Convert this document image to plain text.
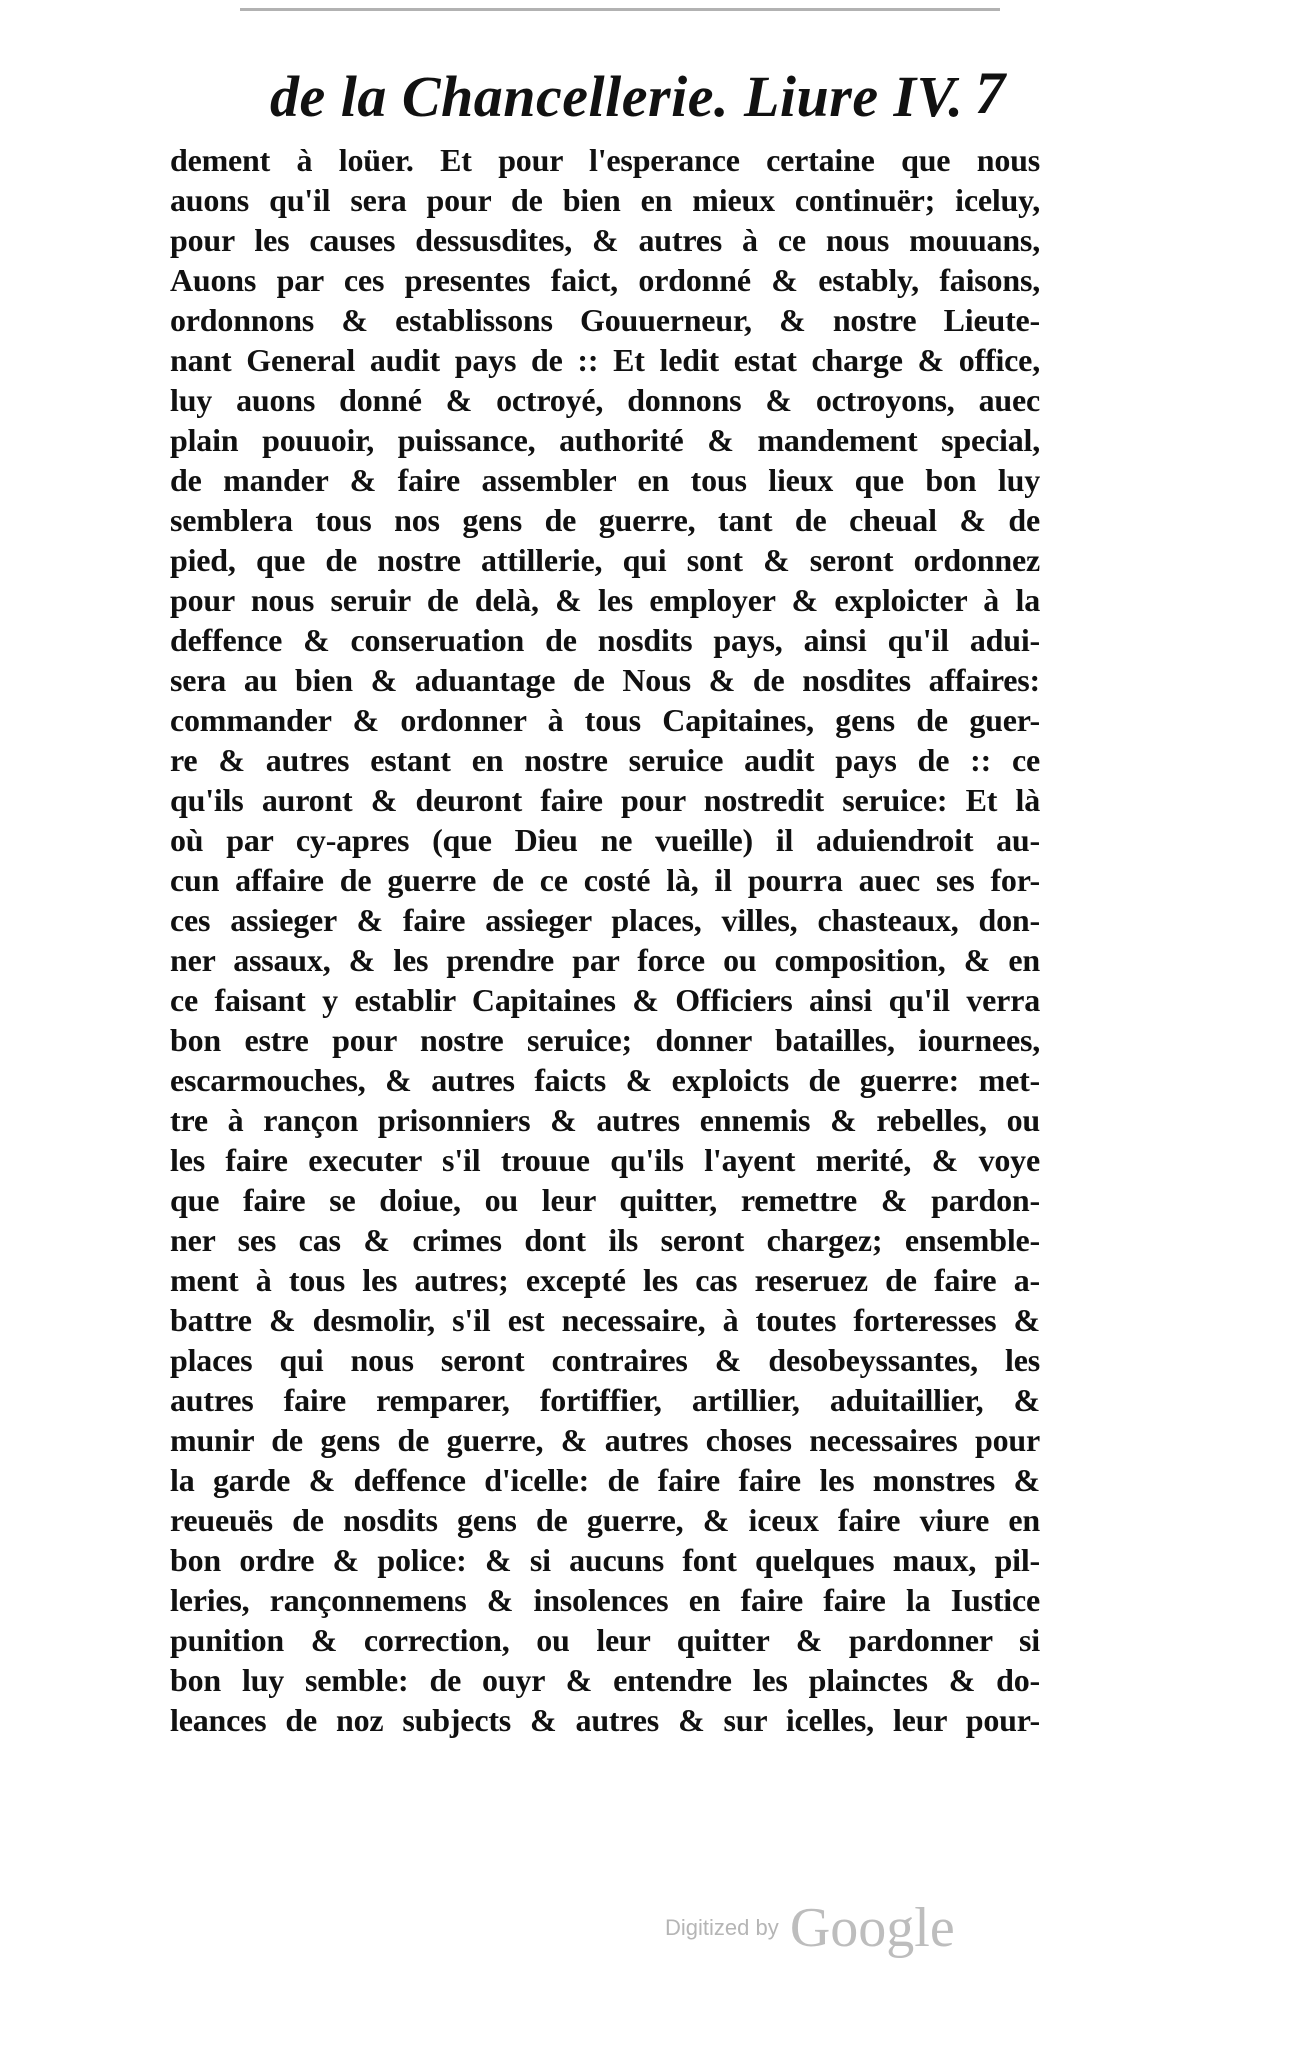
de la Chancellerie. Liure IV. 7
dement à loüer. Et pour l'esperance certaine que nous
auons qu'il sera pour de bien en mieux continuër; iceluy,
pour les causes dessusdites, & autres à ce nous mouuans,
Auons par ces presentes faict, ordonné & estably, faisons,
ordonnons & establissons Gouuerneur, & nostre Lieute-
nant General audit pays de :: Et ledit estat charge & office,
luy auons donné & octroyé, donnons & octroyons, auec
plain pouuoir, puissance, authorité & mandement special,
de mander & faire assembler en tous lieux que bon luy
semblera tous nos gens de guerre, tant de cheual & de
pied, que de nostre attillerie, qui sont & seront ordonnez
pour nous seruir de delà, & les employer & exploicter à la
deffence & conseruation de nosdits pays, ainsi qu'il adui-
sera au bien & aduantage de Nous & de nosdites affaires:
commander & ordonner à tous Capitaines, gens de guer-
re & autres estant en nostre seruice audit pays de :: ce
qu'ils auront & deuront faire pour nostredit seruice: Et là
où par cy-apres (que Dieu ne vueille) il aduiendroit au-
cun affaire de guerre de ce costé là, il pourra auec ses for-
ces assieger & faire assieger places, villes, chasteaux, don-
ner assaux, & les prendre par force ou composition, & en
ce faisant y establir Capitaines & Officiers ainsi qu'il verra
bon estre pour nostre seruice; donner batailles, iournees,
escarmouches, & autres faicts & exploicts de guerre: met-
tre à rançon prisonniers & autres ennemis & rebelles, ou
les faire executer s'il trouue qu'ils l'ayent merité, & voye
que faire se doiue, ou leur quitter, remettre & pardon-
ner ses cas & crimes dont ils seront chargez; ensemble-
ment à tous les autres; excepté les cas reseruez de faire a-
battre & desmolir, s'il est necessaire, à toutes forteresses &
places qui nous seront contraires & desobeyssantes, les
autres faire remparer, fortiffier, artillier, aduitaillier, &
munir de gens de guerre, & autres choses necessaires pour
la garde & deffence d'icelle: de faire faire les monstres &
reueuës de nosdits gens de guerre, & iceux faire viure en
bon ordre & police: & si aucuns font quelques maux, pil-
leries, rançonnemens & insolences en faire faire la Iustice
punition & correction, ou leur quitter & pardonner si
bon luy semble: de ouyr & entendre les plainctes & do-
leances de noz subjects & autres & sur icelles, leur pour-
Digitized by Google
